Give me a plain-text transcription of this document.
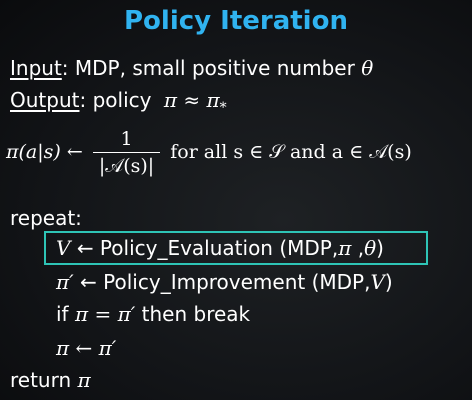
Policy Iteration
Input: MDP, small positive number θ
Output: policy $\pi \approx \pi_*$
π(a|s) ← $\frac{1}{\text{|𝒜(s)|}}$ for all s ∈ 𝒮 and a ∈ 𝒜(s)
repeat:
V ← Policy_Evaluation (MDP,π ,θ)
π′ ← Policy_Improvement (MDP,V)
if π = π′ then break
π ← π′
return π
